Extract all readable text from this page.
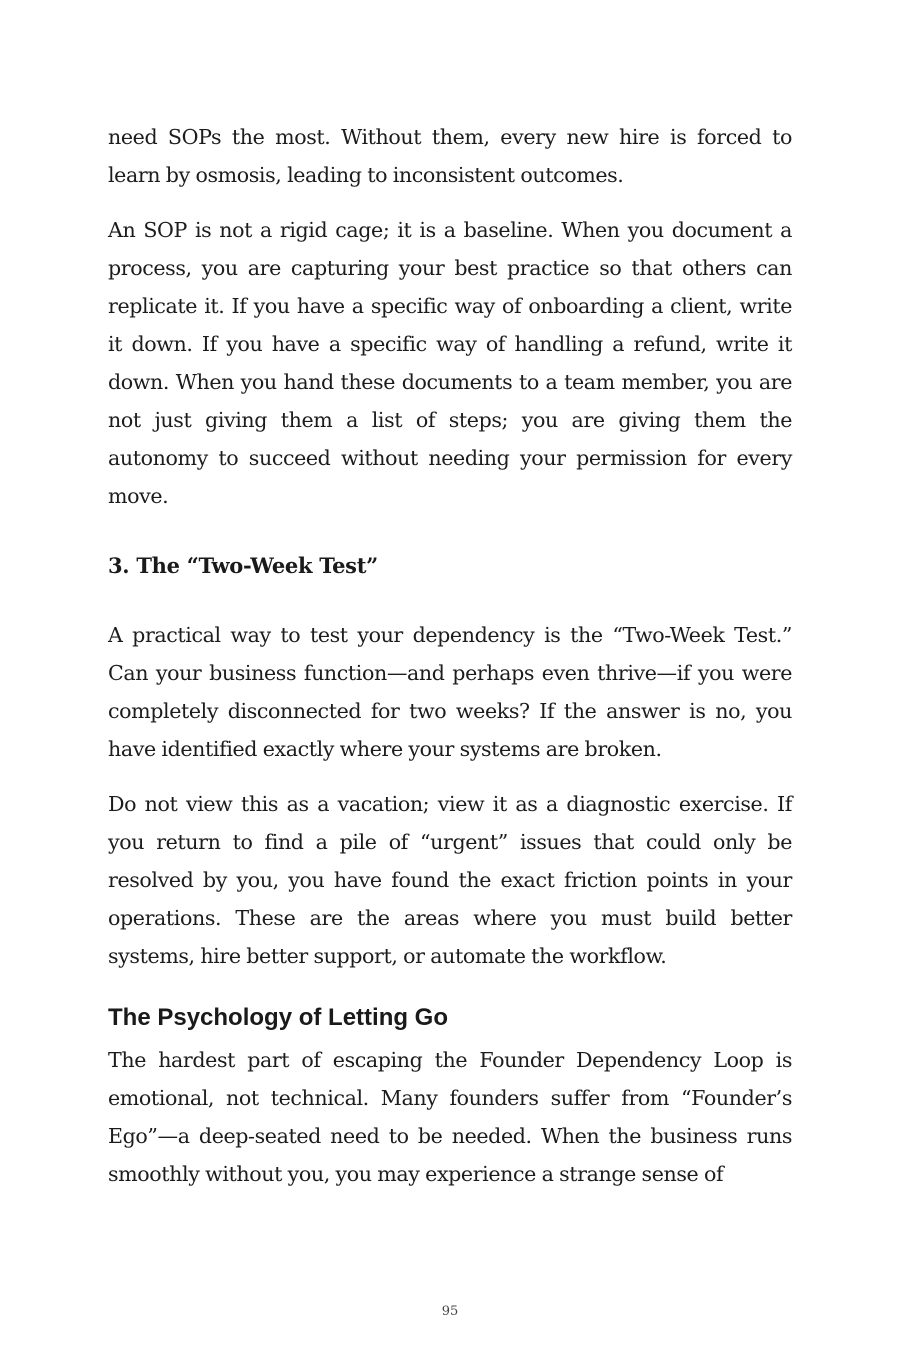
need SOPs the most. Without them, every new hire is forced to learn by osmosis, leading to inconsistent outcomes.

An SOP is not a rigid cage; it is a baseline. When you document a process, you are capturing your best practice so that others can replicate it. If you have a specific way of onboarding a client, write it down. If you have a specific way of handling a refund, write it down. When you hand these documents to a team member, you are not just giving them a list of steps; you are giving them the autonomy to succeed without needing your permission for every move.

3. The “Two-Week Test”

A practical way to test your dependency is the “Two-Week Test.” Can your business function—and perhaps even thrive—if you were completely disconnected for two weeks? If the answer is no, you have identified exactly where your systems are broken.

Do not view this as a vacation; view it as a diagnostic exercise. If you return to find a pile of “urgent” issues that could only be resolved by you, you have found the exact friction points in your operations. These are the areas where you must build better systems, hire better support, or automate the workflow.

The Psychology of Letting Go

The hardest part of escaping the Founder Dependency Loop is emotional, not technical. Many founders suffer from “Founder’s Ego”—a deep-seated need to be needed. When the business runs smoothly without you, you may experience a strange sense of

95
